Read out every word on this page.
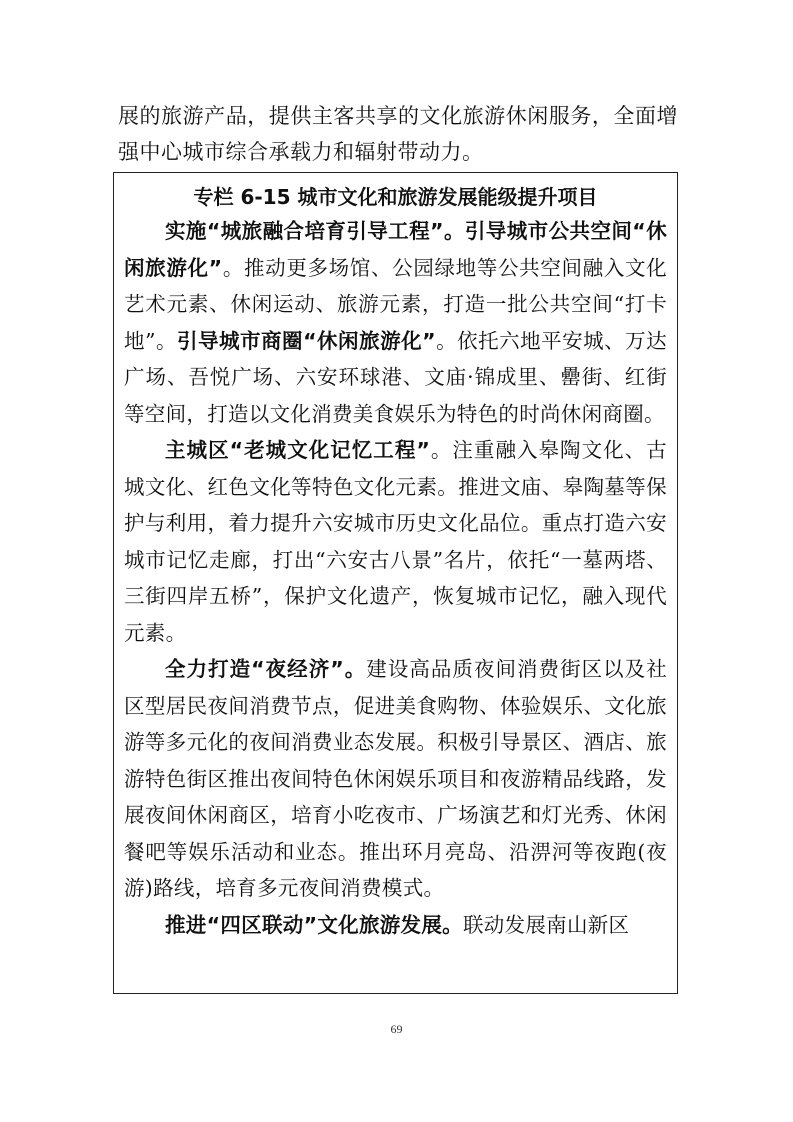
展的旅游产品，提供主客共享的文化旅游休闲服务，全面增强中心城市综合承载力和辐射带动力。

专栏 6-15 城市文化和旅游发展能级提升项目

实施“城旅融合培育引导工程”。引导城市公共空间“休闲旅游化”。推动更多场馆、公园绿地等公共空间融入文化艺术元素、休闲运动、旅游元素，打造一批公共空间“打卡地”。引导城市商圈“休闲旅游化”。依托六地平安城、万达广场、吾悦广场、六安环球港、文庙·锦成里、罍街、红街等空间，打造以文化消费美食娱乐为特色的时尚休闲商圈。

主城区“老城文化记忆工程”。注重融入皋陶文化、古城文化、红色文化等特色文化元素。推进文庙、皋陶墓等保护与利用，着力提升六安城市历史文化品位。重点打造六安城市记忆走廊，打出“六安古八景”名片，依托“一墓两塔、三街四岸五桥”，保护文化遗产，恢复城市记忆，融入现代元素。

全力打造“夜经济”。建设高品质夜间消费街区以及社区型居民夜间消费节点，促进美食购物、体验娱乐、文化旅游等多元化的夜间消费业态发展。积极引导景区、酒店、旅游特色街区推出夜间特色休闲娱乐项目和夜游精品线路，发展夜间休闲商区，培育小吃夜市、广场演艺和灯光秀、休闲餐吧等娱乐活动和业态。推出环月亮岛、沿淠河等夜跑(夜游)路线，培育多元夜间消费模式。

推进“四区联动”文化旅游发展。联动发展南山新区

69
